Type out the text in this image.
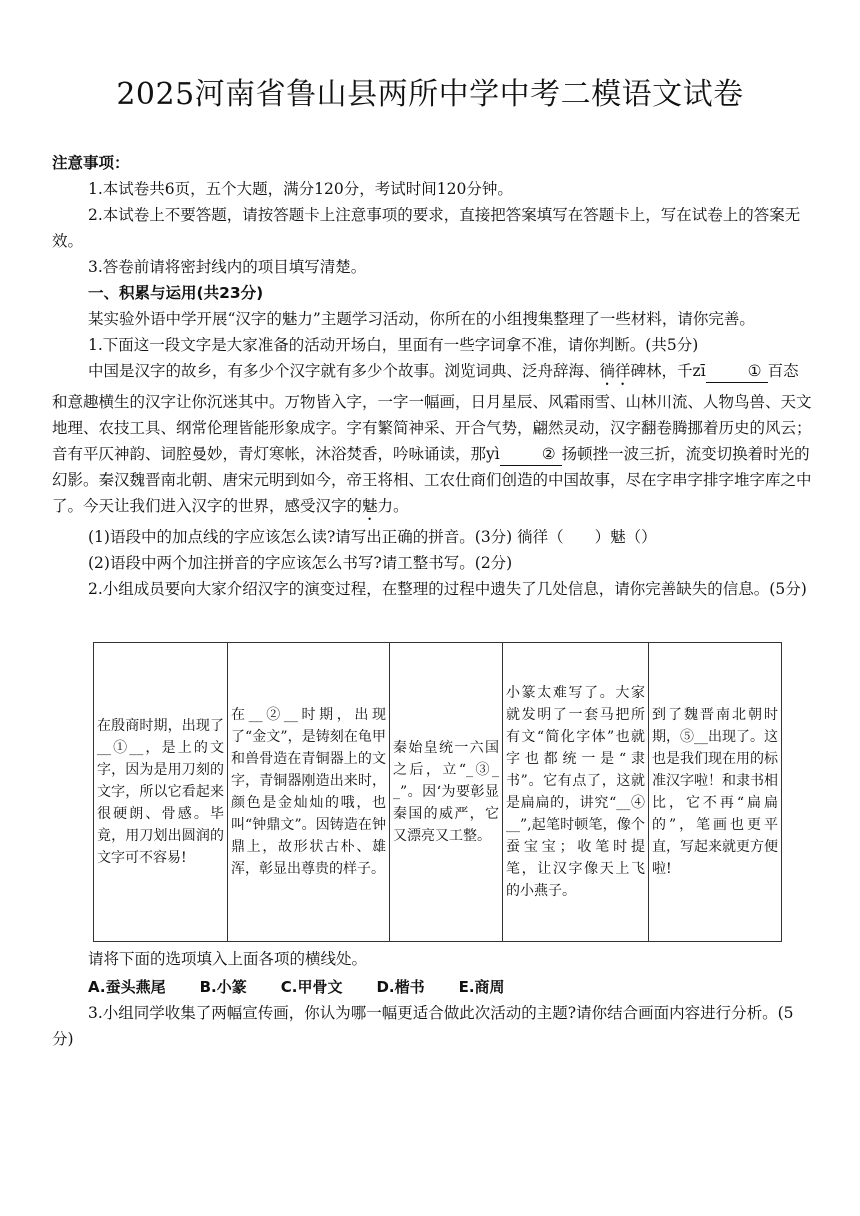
2025河南省鲁山县两所中学中考二模语文试卷

注意事项：

1.本试卷共6页，五个大题，满分120分，考试时间120分钟。

2.本试卷上不要答题，请按答题卡上注意事项的要求，直接把答案填写在答题卡上，写在试卷上的答案无效。

3.答卷前请将密封线内的项目填写清楚。

一、积累与运用(共23分)

某实验外语中学开展“汉字的魅力”主题学习活动，你所在的小组搜集整理了一些材料，请你完善。

1.下面这一段文字是大家准备的活动开场白，里面有一些字词拿不准，请你判断。(共5分)

中国是汉字的故乡，有多少个汉字就有多少个故事。浏览词典、泛舟辞海、徜徉碑林，千zī	① 百态和意趣横生的汉字让你沉迷其中。万物皆入字，一字一幅画，日月星辰、风霜雨雪、山林川流、人物鸟兽、天文地理、农技工具、纲常伦理皆能形象成字。字有繁简神采、开合气势，翩然灵动，汉字翻卷腾挪着历史的风云；音有平仄神韵、词腔曼妙，青灯寒帐，沐浴焚香，吟咏诵读，那yì	② 扬顿挫一波三折，流变切换着时光的幻影。秦汉魏晋南北朝、唐宋元明到如今，帝王将相、工农仕商们创造的中国故事，尽在字串字排字堆字库之中了。今天让我们进入汉字的世界，感受汉字的魅力。

(1)语段中的加点线的字应该怎么读?请写出正确的拼音。(3分) 徜徉（　　）魅（）

(2)语段中两个加注拼音的字应该怎么书写?请工整书写。(2分)

2.小组成员要向大家介绍汉字的演变过程，在整理的过程中遗失了几处信息，请你完善缺失的信息。(5分)

在殷商时期，出现了__①__，是上的文字，因为是用刀刻的文字，所以它看起来很硬朗、骨感。毕竟，用刀划出圆润的文字可不容易!	在__②__时期，出现了“金文”，是铸刻在龟甲和兽骨造在青铜器上的文字，青铜器刚造出来时，颜色是金灿灿的哦，也叫“钟鼎文”。因铸造在钟鼎上，故形状古朴、雄浑，彰显出尊贵的样子。	秦始皇统一六国之后，立“_③__”。因‘为要彰显秦国的威严，它又漂亮又工整。	小篆太难写了。大家就发明了一套马把所有文“简化字体”也就字也都统一是“隶书”。它有点了，这就是扁扁的，讲究“__④__”,起笔时顿笔，像个蚕宝宝；收笔时提笔，让汉字像天上飞的小燕子。	到了魏晋南北朝时期，⑤__出现了。这也是我们现在用的标准汉字啦！和隶书相比，它不再“扁扁的”，笔画也更平直，写起来就更方便啦!

请将下面的选项填入上面各项的横线处。

A.蚕头燕尾 B.小篆 C.甲骨文 D.楷书 E.商周

3.小组同学收集了两幅宣传画，你认为哪一幅更适合做此次活动的主题?请你结合画面内容进行分析。(5分)
